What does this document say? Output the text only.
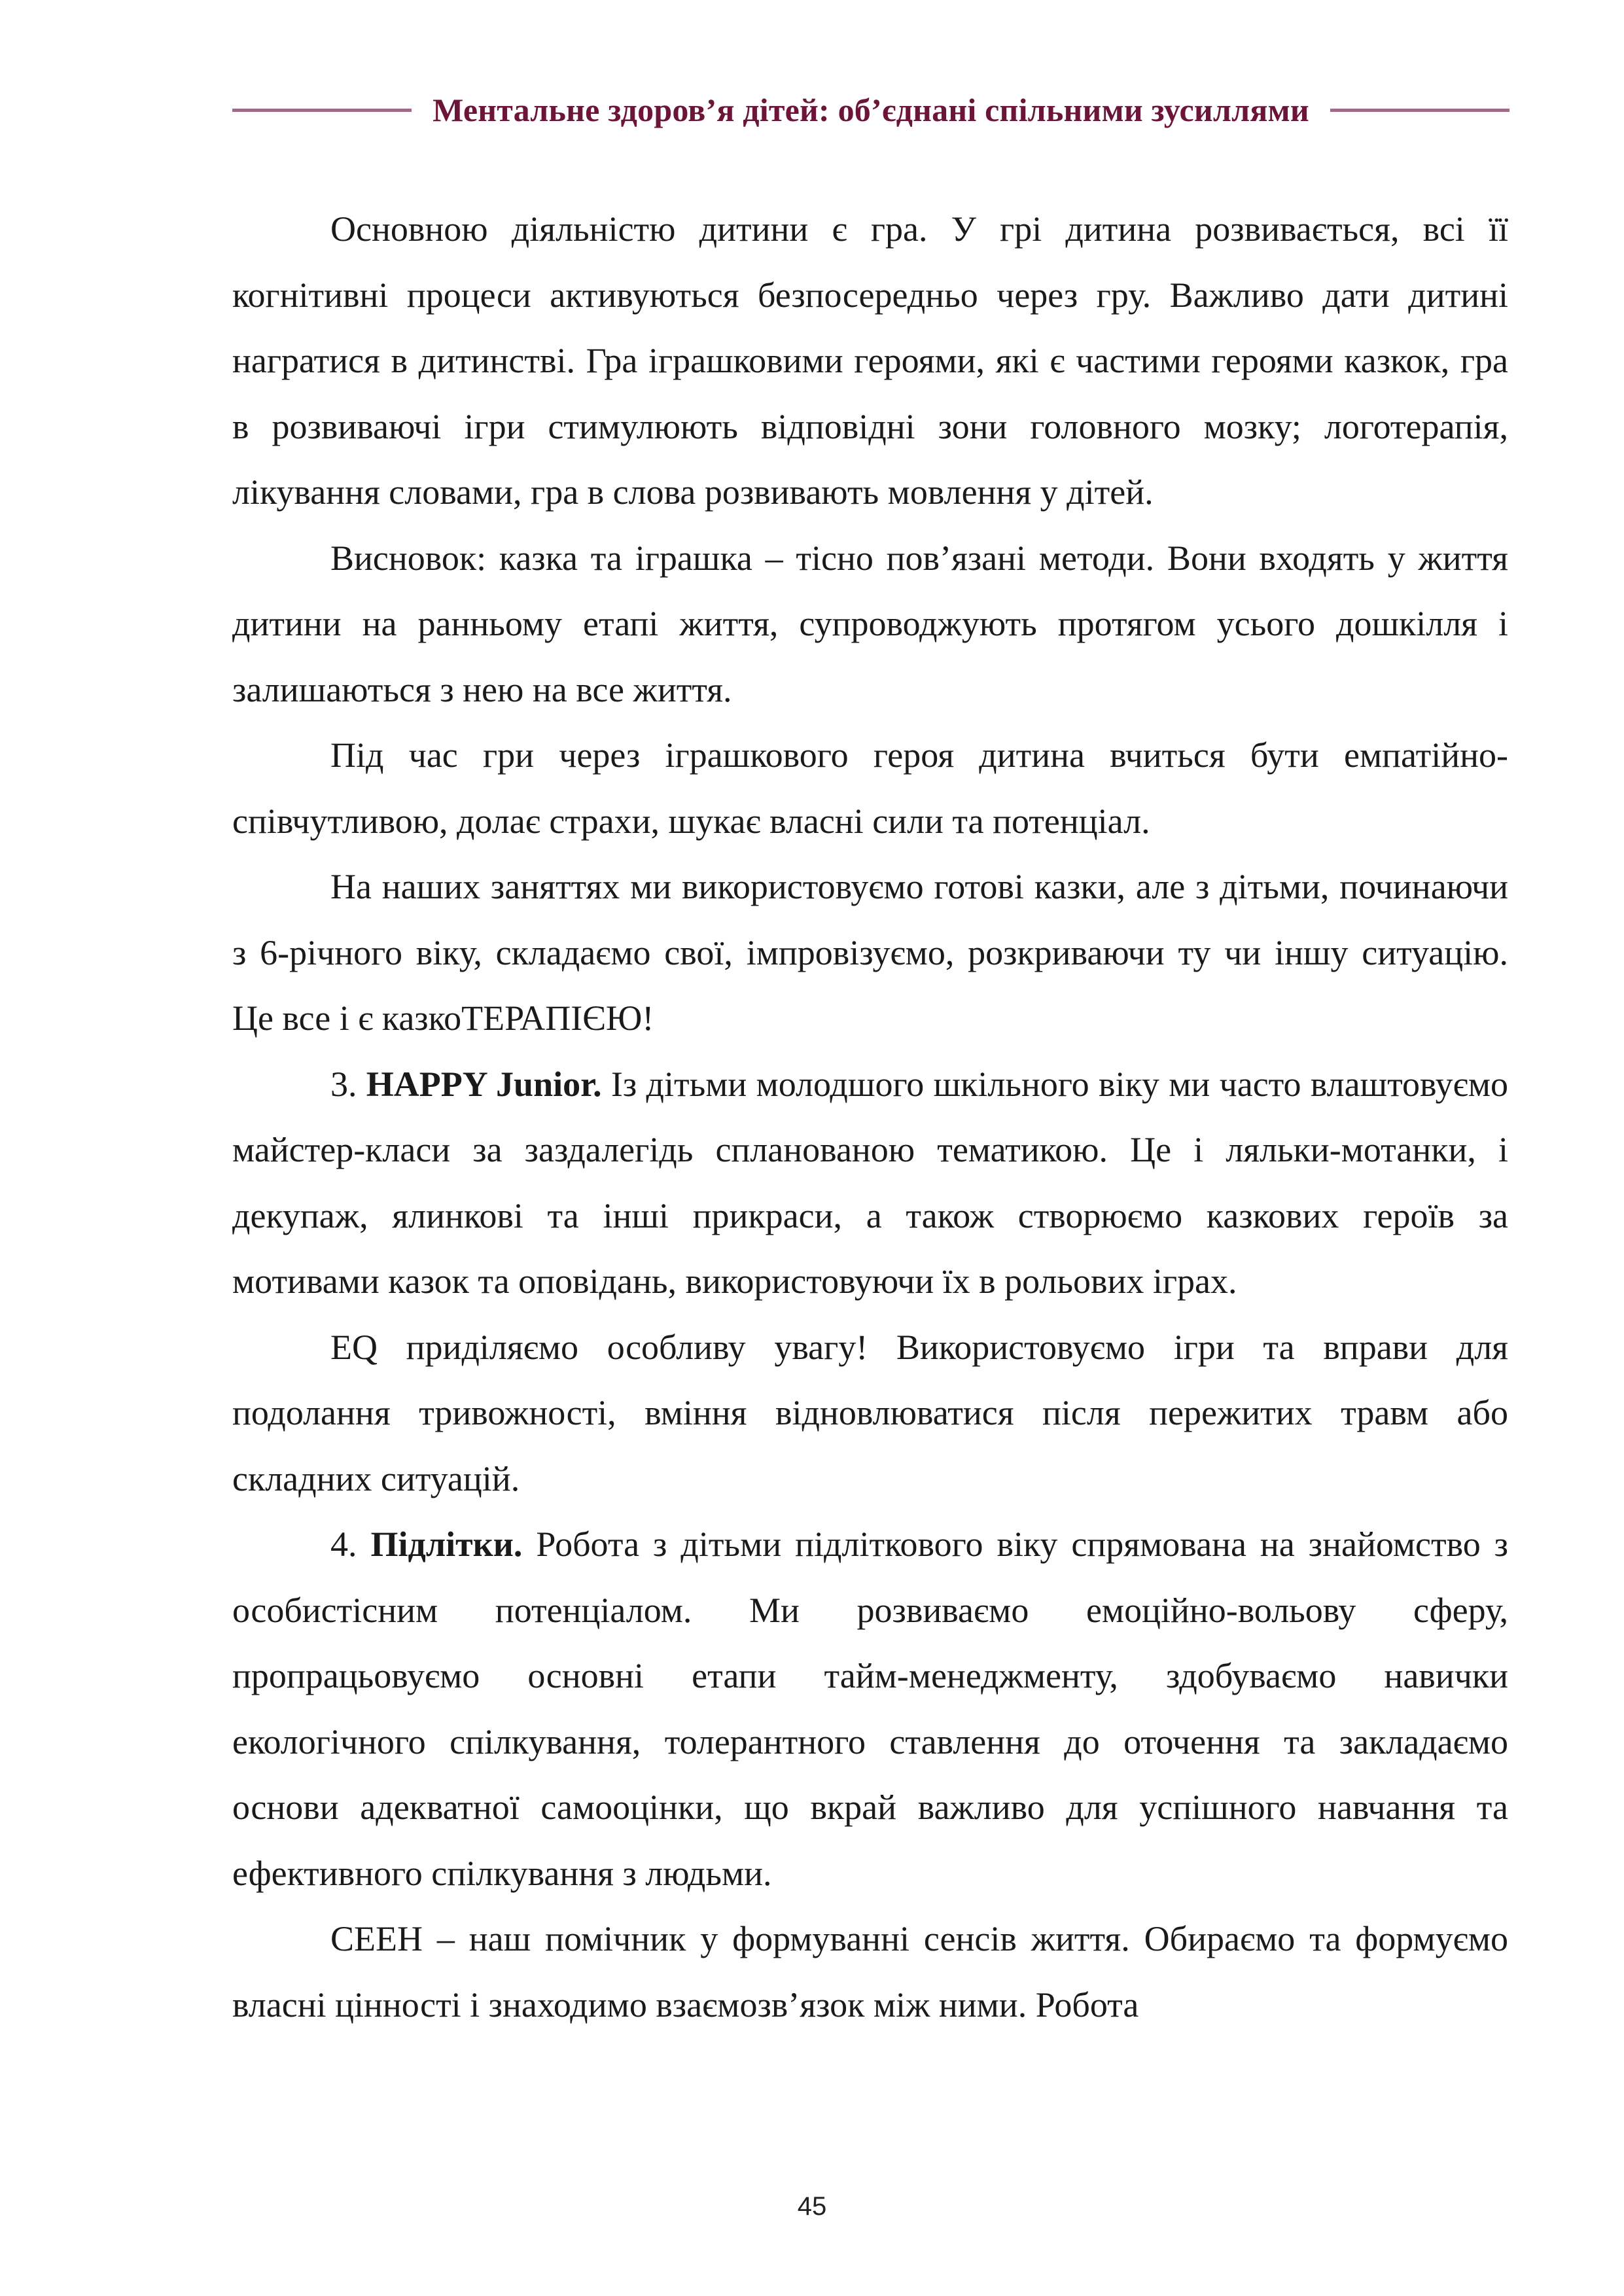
Ментальне здоров’я дітей: об’єднані спільними зусиллями

Основною діяльністю дитини є гра. У грі дитина розвивається, всі її когнітивні процеси активуються безпосередньо через гру. Важливо дати дитині награтися в дитинстві. Гра іграшковими героями, які є частими героями казкок, гра в розвиваючі ігри стимулюють відповідні зони головного мозку; логотерапія, лікування словами, гра в слова розвивають мовлення у дітей.

Висновок: казка та іграшка – тісно пов’язані методи. Вони входять у життя дитини на ранньому етапі життя, супроводжують протягом усього дошкілля і залишаються з нею на все життя.

Під час гри через іграшкового героя дитина вчиться бути емпатійно-співчутливою, долає страхи, шукає власні сили та потенціал.

На наших заняттях ми використовуємо готові казки, але з дітьми, починаючи з 6-річного віку, складаємо свої, імпровізуємо, розкриваючи ту чи іншу ситуацію. Це все і є казкоТЕРАПІЄЮ!

3. HAPPY Junior. Із дітьми молодшого шкільного віку ми часто влаштовуємо майстер-класи за заздалегідь спланованою тематикою. Це і ляльки-мотанки, і декупаж, ялинкові та інші прикраси, а також створюємо казкових героїв за мотивами казок та оповідань, використовуючи їх в рольових іграх.

EQ приділяємо особливу увагу! Використовуємо ігри та вправи для подолання тривожності, вміння відновлюватися після пережитих травм або складних ситуацій.

4. Підлітки. Робота з дітьми підліткового віку спрямована на знайомство з особистісним потенціалом. Ми розвиваємо емоційно-вольову сферу, пропрацьовуємо основні етапи тайм-менеджменту, здобуваємо навички екологічного спілкування, толерантного ставлення до оточення та закладаємо основи адекватної самооцінки, що вкрай важливо для успішного навчання та ефективного спілкування з людьми.

СЕЕН – наш помічник у формуванні сенсів життя. Обираємо та формуємо власні цінності і знаходимо взаємозв’язок між ними. Робота

45
